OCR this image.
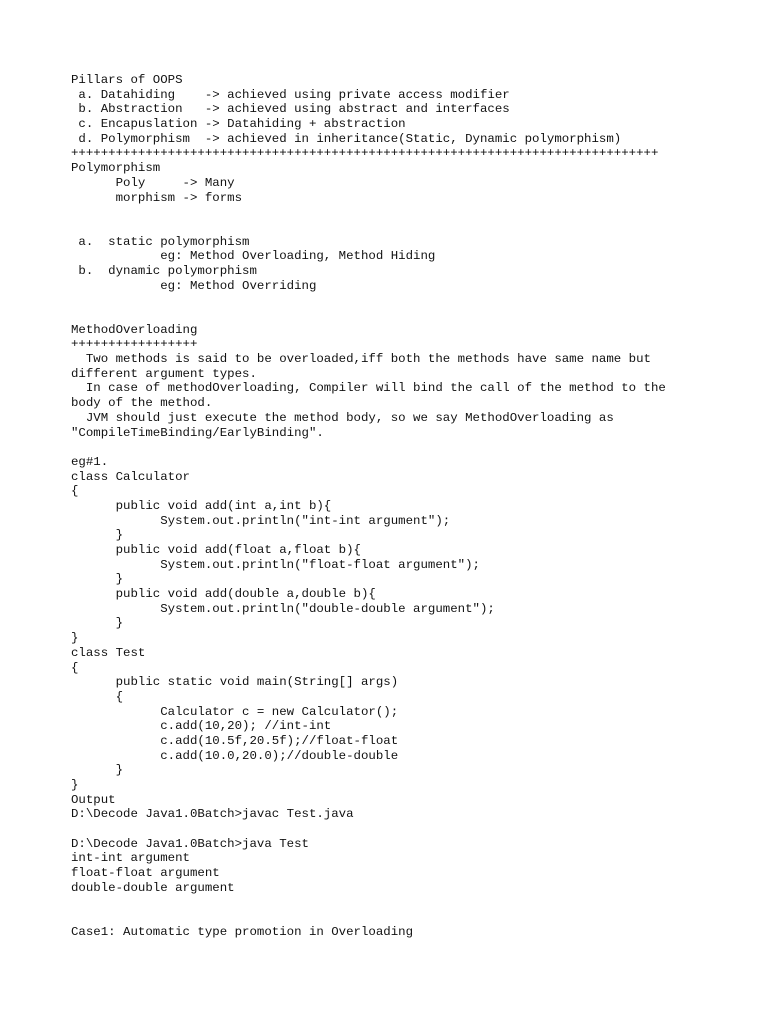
Pillars of OOPS
a. Datahiding    -> achieved using private access modifier
b. Abstraction   -> achieved using abstract and interfaces
c. Encapuslation -> Datahiding + abstraction
d. Polymorphism  -> achieved in inheritance(Static, Dynamic polymorphism)
+++++++++++++++++++++++++++++++++++++++++++++++++++++++++++++++++++++++++++++++
Polymorphism
Poly     -> Many
morphism -> forms
a.  static polymorphism
eg: Method Overloading, Method Hiding
b.  dynamic polymorphism
eg: Method Overriding
MethodOverloading
+++++++++++++++++
Two methods is said to be overloaded,iff both the methods have same name but
different argument types.
In case of methodOverloading, Compiler will bind the call of the method to the
body of the method.
JVM should just execute the method body, so we say MethodOverloading as
"CompileTimeBinding/EarlyBinding".
eg#1.
class Calculator
{
public void add(int a,int b){
System.out.println("int-int argument");
}
public void add(float a,float b){
System.out.println("float-float argument");
}
public void add(double a,double b){
System.out.println("double-double argument");
}
}
class Test
{
public static void main(String[] args)
{
Calculator c = new Calculator();
c.add(10,20); //int-int
c.add(10.5f,20.5f);//float-float
c.add(10.0,20.0);//double-double
}
}
Output
D:\Decode Java1.0Batch>javac Test.java
D:\Decode Java1.0Batch>java Test
int-int argument
float-float argument
double-double argument
Case1: Automatic type promotion in Overloading
